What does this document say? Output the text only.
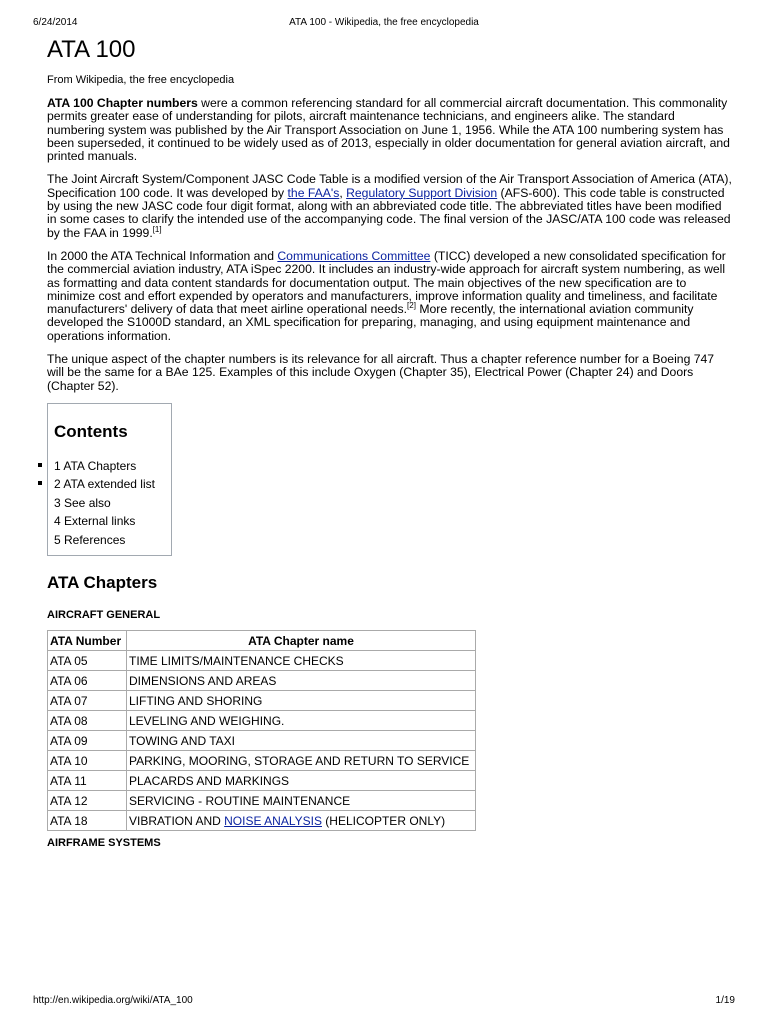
6/24/2014	ATA 100 - Wikipedia, the free encyclopedia
ATA 100
From Wikipedia, the free encyclopedia

ATA 100 Chapter numbers were a common referencing standard for all commercial aircraft documentation. This commonality permits greater ease of understanding for pilots, aircraft maintenance technicians, and engineers alike. The standard numbering system was published by the Air Transport Association on June 1, 1956. While the ATA 100 numbering system has been superseded, it continued to be widely used as of 2013, especially in older documentation for general aviation aircraft, and printed manuals.

The Joint Aircraft System/Component JASC Code Table is a modified version of the Air Transport Association of America (ATA), Specification 100 code. It was developed by the FAA's, Regulatory Support Division (AFS-600). This code table is constructed by using the new JASC code four digit format, along with an abbreviated code title. The abbreviated titles have been modified in some cases to clarify the intended use of the accompanying code. The final version of the JASC/ATA 100 code was released by the FAA in 1999.[1]

In 2000 the ATA Technical Information and Communications Committee (TICC) developed a new consolidated specification for the commercial aviation industry, ATA iSpec 2200. It includes an industry-wide approach for aircraft system numbering, as well as formatting and data content standards for documentation output. The main objectives of the new specification are to minimize cost and effort expended by operators and manufacturers, improve information quality and timeliness, and facilitate manufacturers' delivery of data that meet airline operational needs.[2] More recently, the international aviation community developed the S1000D standard, an XML specification for preparing, managing, and using equipment maintenance and operations information.

The unique aspect of the chapter numbers is its relevance for all aircraft. Thus a chapter reference number for a Boeing 747 will be the same for a BAe 125. Examples of this include Oxygen (Chapter 35), Electrical Power (Chapter 24) and Doors (Chapter 52).

Contents
1 ATA Chapters
2 ATA extended list
3 See also
4 External links
5 References
ATA Chapters
AIRCRAFT GENERAL
ATA Number	ATA Chapter name
ATA 05	TIME LIMITS/MAINTENANCE CHECKS
ATA 06	DIMENSIONS AND AREAS
ATA 07	LIFTING AND SHORING
ATA 08	LEVELING AND WEIGHING.
ATA 09	TOWING AND TAXI
ATA 10	PARKING, MOORING, STORAGE AND RETURN TO SERVICE
ATA 11	PLACARDS AND MARKINGS
ATA 12	SERVICING - ROUTINE MAINTENANCE
ATA 18	VIBRATION AND NOISE ANALYSIS (HELICOPTER ONLY)
AIRFRAME SYSTEMS
http://en.wikipedia.org/wiki/ATA_100	1/19
